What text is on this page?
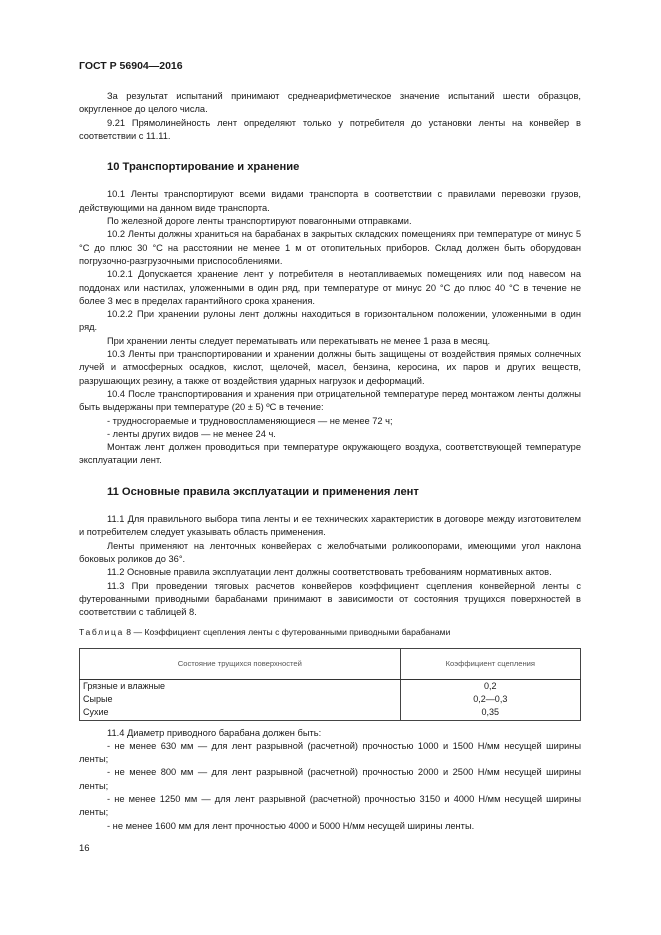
ГОСТ Р 56904—2016

За результат испытаний принимают среднеарифметическое значение испытаний шести образцов, округленное до целого числа.

9.21 Прямолинейность лент определяют только у потребителя до установки ленты на конвейер в соответствии с 11.11.

10 Транспортирование и хранение

10.1 Ленты транспортируют всеми видами транспорта в соответствии с правилами перевозки грузов, действующими на данном виде транспорта.

По железной дороге ленты транспортируют повагонными отправками.

10.2 Ленты должны храниться на барабанах в закрытых складских помещениях при температуре от минус 5 °С до плюс 30 °С на расстоянии не менее 1 м от отопительных приборов. Склад должен быть оборудован погрузочно-разгрузочными приспособлениями.

10.2.1 Допускается хранение лент у потребителя в неотапливаемых помещениях или под навесом на поддонах или настилах, уложенными в один ряд, при температуре от минус 20 °С до плюс 40 °С в течение не более 3 мес в пределах гарантийного срока хранения.

10.2.2 При хранении рулоны лент должны находиться в горизонтальном положении, уложенными в один ряд.

При хранении ленты следует перематывать или перекатывать не менее 1 раза в месяц.

10.3 Ленты при транспортировании и хранении должны быть защищены от воздействия прямых солнечных лучей и атмосферных осадков, кислот, щелочей, масел, бензина, керосина, их паров и других веществ, разрушающих резину, а также от воздействия ударных нагрузок и деформаций.

10.4 После транспортирования и хранения при отрицательной температуре перед монтажом ленты должны быть выдержаны при температуре (20 ± 5) ºС в течение:

- трудносгораемые и трудновоспламеняющиеся — не менее 72 ч;

- ленты других видов — не менее 24 ч.

Монтаж лент должен проводиться при температуре окружающего воздуха, соответствующей температуре эксплуатации лент.

11 Основные правила эксплуатации и применения лент

11.1 Для правильного выбора типа ленты и ее технических характеристик в договоре между изготовителем и потребителем следует указывать область применения.

Ленты применяют на ленточных конвейерах с желобчатыми роликоопорами, имеющими угол наклона боковых роликов до 36°.

11.2 Основные правила эксплуатации лент должны соответствовать требованиям нормативных актов.

11.3 При проведении тяговых расчетов конвейеров коэффициент сцепления конвейерной ленты с футерованными приводными барабанами принимают в зависимости от состояния трущихся поверхностей в соответствии с таблицей 8.

Таблица 8 — Коэффициент сцепления ленты с футерованными приводными барабанами

Состояние трущихся поверхностей	Коэффициент сцепления
Грязные и влажные	0,2
Сырые	0,2—0,3
Сухие	0,35

11.4 Диаметр приводного барабана должен быть:

- не менее 630 мм — для лент разрывной (расчетной) прочностью 1000 и 1500 Н/мм несущей ширины ленты;

- не менее 800 мм — для лент разрывной (расчетной) прочностью 2000 и 2500 Н/мм несущей ширины ленты;

- не менее 1250 мм — для лент разрывной (расчетной) прочностью 3150 и 4000 Н/мм несущей ширины ленты;

- не менее 1600 мм для лент прочностью 4000 и 5000 Н/мм несущей ширины ленты.

16
